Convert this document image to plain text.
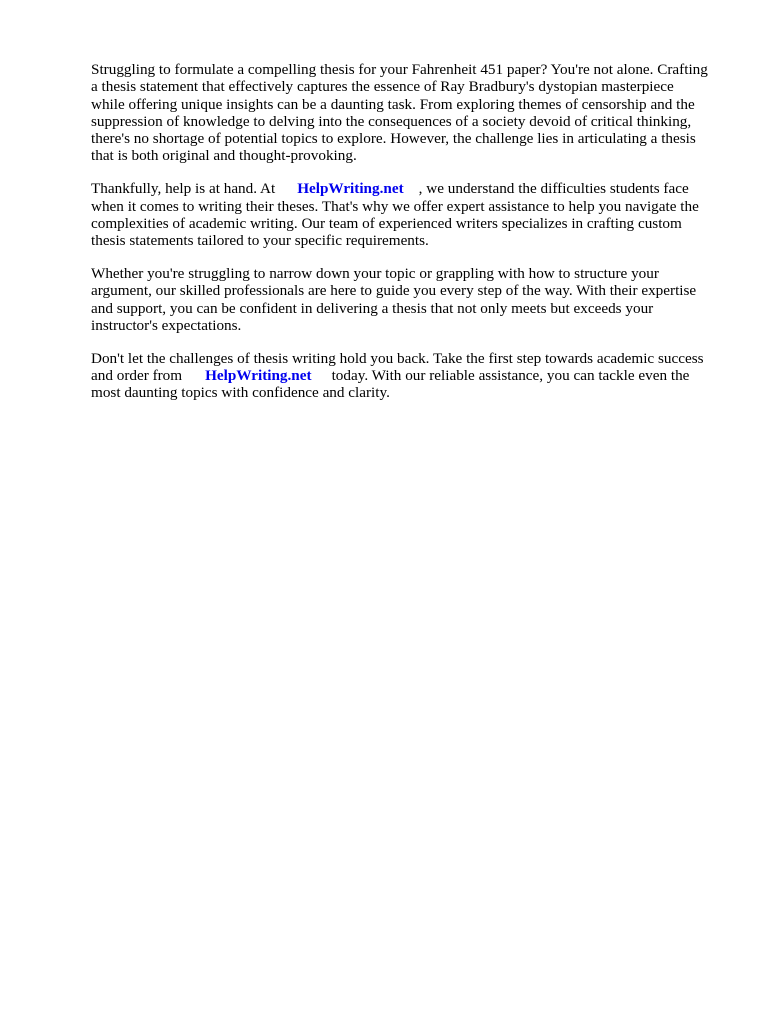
Struggling to formulate a compelling thesis for your Fahrenheit 451 paper? You're not alone. Crafting
a thesis statement that effectively captures the essence of Ray Bradbury's dystopian masterpiece
while offering unique insights can be a daunting task. From exploring themes of censorship and the
suppression of knowledge to delving into the consequences of a society devoid of critical thinking,
there's no shortage of potential topics to explore. However, the challenge lies in articulating a thesis
that is both original and thought-provoking.
Thankfully, help is at hand. At HelpWriting.net , we understand the difficulties students face
when it comes to writing their theses. That's why we offer expert assistance to help you navigate the
complexities of academic writing. Our team of experienced writers specializes in crafting custom
thesis statements tailored to your specific requirements.
Whether you're struggling to narrow down your topic or grappling with how to structure your
argument, our skilled professionals are here to guide you every step of the way. With their expertise
and support, you can be confident in delivering a thesis that not only meets but exceeds your
instructor's expectations.
Don't let the challenges of thesis writing hold you back. Take the first step towards academic success
and order from HelpWriting.net today. With our reliable assistance, you can tackle even the
most daunting topics with confidence and clarity.
